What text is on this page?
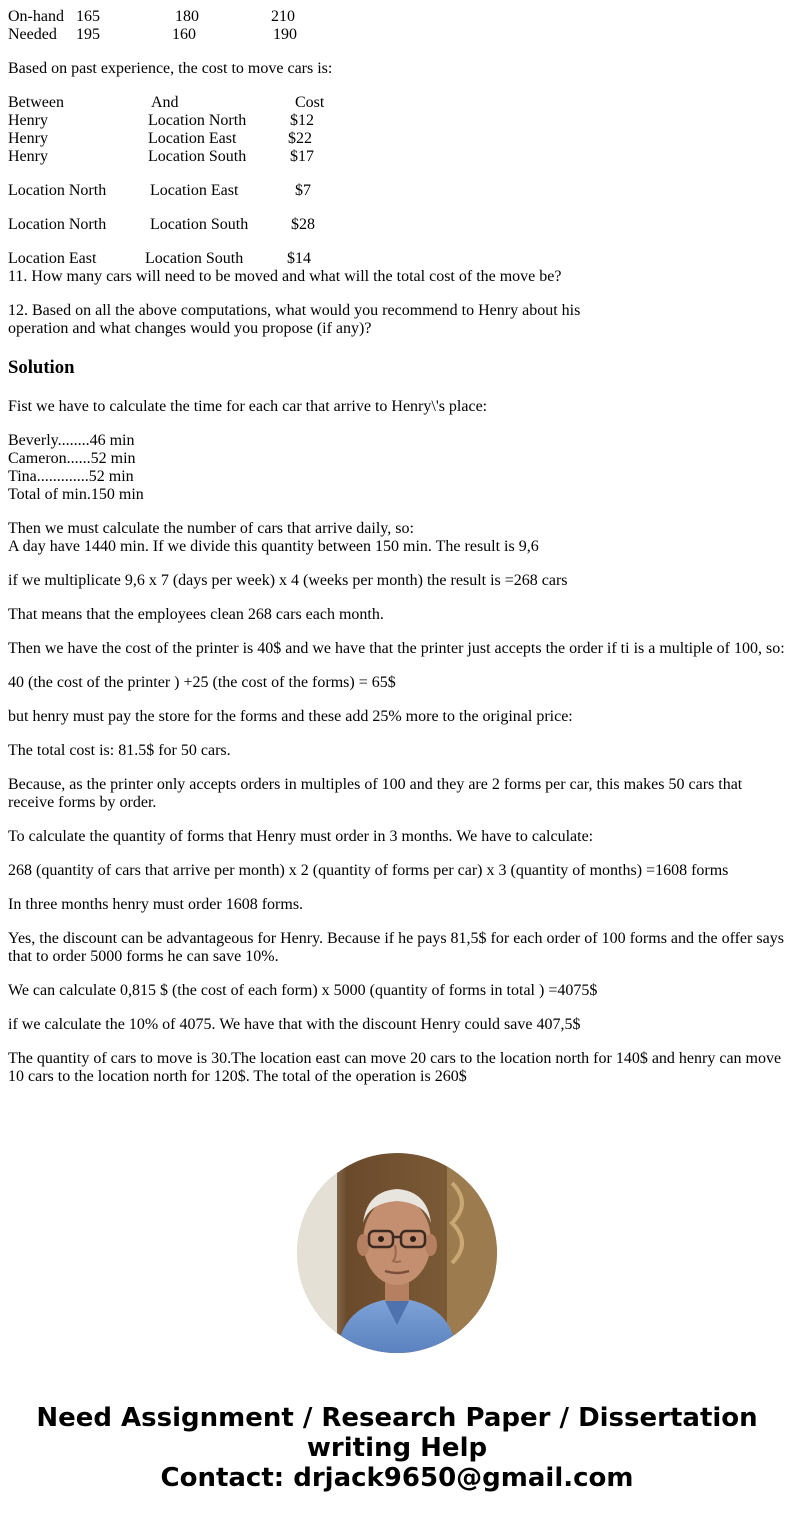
On-hand 165	180	210
Needed 195	160	190

Based on past experience, the cost to move cars is:

Between	And	Cost
Henry	Location North	$12
Henry	Location East	$22
Henry	Location South	$17
Location North	Location East	$7
Location North	Location South	$28
Location East	Location South	$14

11. How many cars will need to be moved and what will the total cost of the move be?

12. Based on all the above computations, what would you recommend to Henry about his

operation and what changes would you propose (if any)?

Solution

Fist we have to calculate the time for each car that arrive to Henry\'s place:

Beverly........46 min

Cameron......52 min

Tina.............52 min

Total of min.150 min

Then we must calculate the number of cars that arrive daily, so:

A day have 1440 min. If we divide this quantity between 150 min. The result is 9,6

if we multiplicate 9,6 x 7 (days per week) x 4 (weeks per month) the result is =268 cars

That means that the employees clean 268 cars each month.

Then we have the cost of the printer is 40$ and we have that the printer just accepts the order if ti is a multiple of 100, so:

40 (the cost of the printer ) +25 (the cost of the forms) = 65$

but henry must pay the store for the forms and these add 25% more to the original price:

The total cost is: 81.5$ for 50 cars.

Because, as the printer only accepts orders in multiples of 100 and they are 2 forms per car, this makes 50 cars that

receive forms by order.

To calculate the quantity of forms that Henry must order in 3 months. We have to calculate:

268 (quantity of cars that arrive per month) x 2 (quantity of forms per car) x 3 (quantity of months) =1608 forms

In three months henry must order 1608 forms.

Yes, the discount can be advantageous for Henry. Because if he pays 81,5$ for each order of 100 forms and the offer says

that to order 5000 forms he can save 10%.

We can calculate 0,815 $ (the cost of each form) x 5000 (quantity of forms in total ) =4075$

if we calculate the 10% of 4075. We have that with the discount Henry could save 407,5$

The quantity of cars to move is 30.The location east can move 20 cars to the location north for 140$ and henry can move

10 cars to the location north for 120$. The total of the operation is 260$

Need Assignment / Research Paper / Dissertation
writing Help
Contact: drjack9650@gmail.com
